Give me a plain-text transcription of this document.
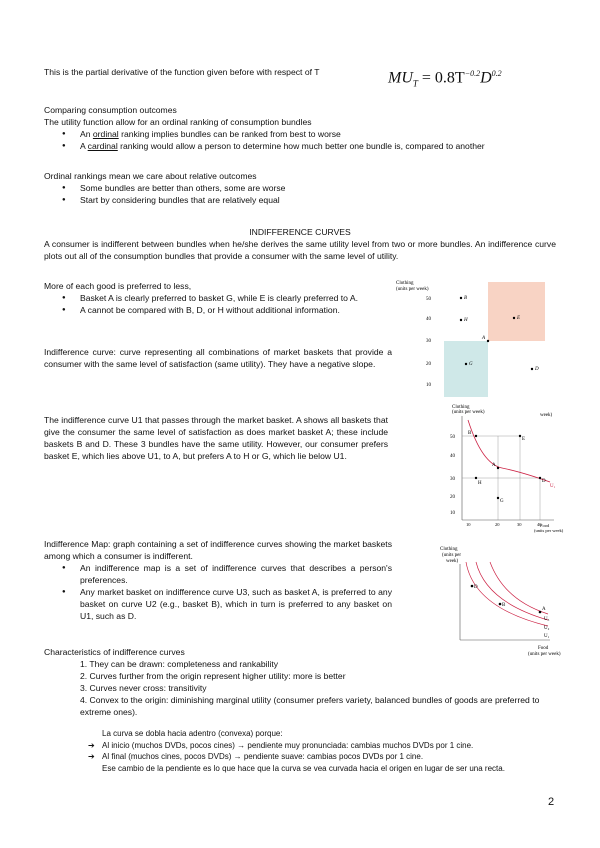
This is the partial derivative of the function given before with respect of T	$MU_T = 0.8T^{-0.2}D^{0.2}$
Comparing consumption outcomes
The utility function allow for an ordinal ranking of consumption bundles
● An ordinal ranking implies bundles can be ranked from best to worse
● A cardinal ranking would allow a person to determine how much better one bundle is, compared to another
Ordinal rankings mean we care about relative outcomes
● Some bundles are better than others, some are worse
● Start by considering bundles that are relatively equal
INDIFFERENCE CURVES
A consumer is indifferent between bundles when he/she derives the same utility level from two or more bundles. An indifference curve plots out all of the consumption bundles that provide a consumer with the same level of utility.
More of each good is preferred to less,
● Basket A is clearly preferred to basket G, while E is clearly preferred to A.
● A cannot be compared with B, D, or H without additional information.
Indifference curve: curve representing all combinations of market baskets that provide a consumer with the same level of satisfaction (same utility). They have a negative slope.
The indifference curve U1 that passes through the market basket. A shows all baskets that give the consumer the same level of satisfaction as does market basket A; these include baskets B and D. These 3 bundles have the same utility. However, our consumer prefers basket E, which lies above U1, to A, but prefers A to H or G, which lie below U1.
Indifference Map: graph containing a set of indifference curves showing the market baskets among which a consumer is indifferent.
● An indifference map is a set of indifference curves that describes a person's preferences.
● Any market basket on indifference curve U3, such as basket A, is preferred to any basket on curve U2 (e.g., basket B), which in turn is preferred to any basket on U1, such as D.
Characteristics of indifference curves
1. They can be drawn: completeness and rankability
2. Curves further from the origin represent higher utility: more is better
3. Curves never cross: transitivity
4. Convex to the origin: diminishing marginal utility (consumer prefers variety, balanced bundles of goods are preferred to extreme ones).
La curva se dobla hacia adentro (convexa) porque:
➔ Al inicio (muchos DVDs, pocos cines) → pendiente muy pronunciada: cambias muchos DVDs por 1 cine.
➔ Al final (muchos cines, pocos DVDs) → pendiente suave: cambias pocos DVDs por 1 cine.
Ese cambio de la pendiente es lo que hace que la curva se vea curvada hacia el origen en lugar de ser una recta.
2
Clothing
(units per week)
50
40
30
20
10
B
H	E
A
G
D
Clothing
(units per week)
week)
U₁
50
40
30
20
10
B
H
E
A
G
D
10	20	30	40
Food
(units per week)
Clothing
(units per
week)
D
B
A
U₃
U₂
U₁
Food
(units per week)
